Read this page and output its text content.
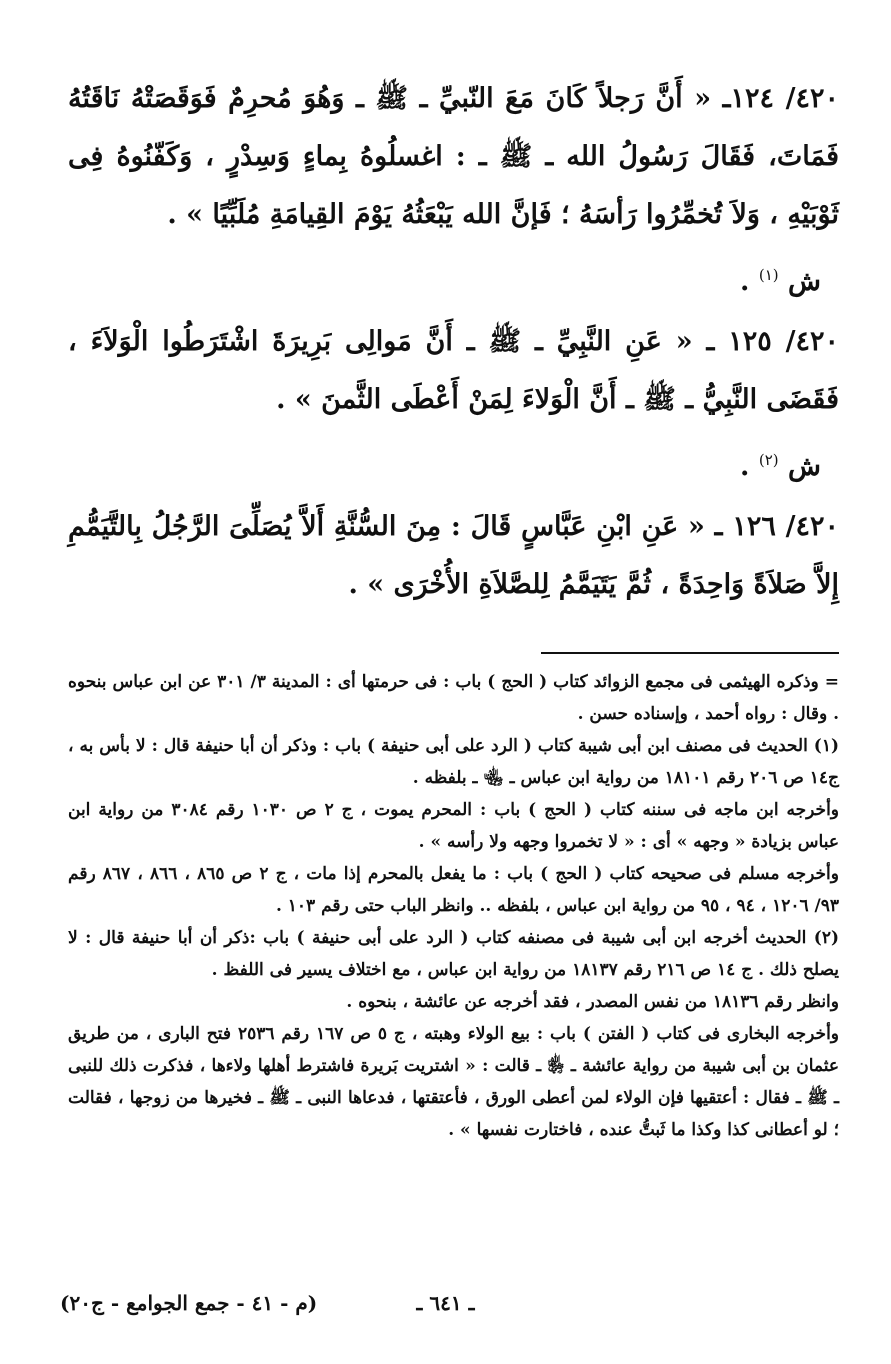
٤٢٠/ ١٢٤ـ « أَنَّ رَجلاً كَانَ مَعَ النّبيِّ ـ ﷺ ـ وَهُوَ مُحرِمٌ فَوَقَصَتْهُ نَاقَتُهُ فَمَاتَ، فَقَالَ رَسُولُ الله ـ ﷺ ـ : اغسلُوهُ بِماءٍ وَسِدْرٍ ، وَكَفّنُوهُ فِى ثَوْبَيْهِ ، وَلاَ تُخمِّرُوا رَأسَهُ ؛ فَإنَّ الله يَبْعَثُهُ يَوْمَ القِيامَةِ مُلَبِّيًا » .

ش $^{(١)}$ .

٤٢٠/ ١٢٥ ـ « عَنِ النَّبِيِّ ـ ﷺ ـ أَنَّ مَوالِى بَرِيرَةَ اشْتَرَطُوا الْوَلاَءَ ، فَقَضَى النَّبِيُّ ـ ﷺ ـ أَنَّ الْوَلاءَ لِمَنْ أَعْطَى الثَّمنَ » .

ش $^{(٢)}$ .

٤٢٠/ ١٢٦ ـ « عَنِ ابْنِ عَبَّاسٍ قَالَ : مِنَ السُّنَّةِ أَلاَّ يُصَلِّىَ الرَّجُلُ بِالتَّيَمُّمِ إِلاَّ صَلاَةً وَاحِدَةً ، ثُمَّ يَتَيَمَّمُ لِلصَّلاَةِ الأُخْرَى » .

= وذكره الهيثمى فى مجمع الزوائد كتاب ( الحج ) باب : فى حرمتها أى : المدينة ٣/ ٣٠١ عن ابن عباس بنحوه . وقال : رواه أحمد ، وإسناده حسن .

(١) الحديث فى مصنف ابن أبى شيبة كتاب ( الرد على أبى حنيفة ) باب : وذكر أن أبا حنيفة قال : لا بأس به ، ج١٤ ص ٢٠٦ رقم ١٨١٠١ من رواية ابن عباس ـ ﵄ ـ بلفظه .

وأخرجه ابن ماجه فى سننه كتاب ( الحج ) باب : المحرم يموت ، ج ٢ ص ١٠٣٠ رقم ٣٠٨٤ من رواية ابن عباس بزيادة « وجهه » أى : « لا تخمروا وجهه ولا رأسه » .

وأخرجه مسلم فى صحيحه كتاب ( الحج ) باب : ما يفعل بالمحرم إذا مات ، ج ٢ ص ٨٦٥ ، ٨٦٦ ، ٨٦٧ رقم ٩٣/ ١٢٠٦ ، ٩٤ ، ٩٥ من رواية ابن عباس ، بلفظه .. وانظر الباب حتى رقم ١٠٣ .

(٢) الحديث أخرجه ابن أبى شيبة فى مصنفه كتاب ( الرد على أبى حنيفة ) باب :ذكر أن أبا حنيفة قال : لا يصلح ذلك . ج ١٤ ص ٢١٦ رقم ١٨١٣٧ من رواية ابن عباس ، مع اختلاف يسير فى اللفظ .

وانظر رقم ١٨١٣٦ من نفس المصدر ، فقد أخرجه عن عائشة ، بنحوه .

وأخرجه البخارى فى كتاب ( الفتن ) باب : بيع الولاء وهبته ، ج ٥ ص ١٦٧ رقم ٢٥٣٦ فتح البارى ، من طريق عثمان بن أبى شيبة من رواية عائشة ـ ﵂ ـ قالت : « اشتريت بَريرة فاشترط أهلها ولاءها ، فذكرت ذلك للنبى ـ ﷺ ـ فقال : أعتقيها فإن الولاء لمن أعطى الورق ، فأعتقتها ، فدعاها النبى ـ ﷺ ـ فخيرها من زوجها ، فقالت ؛ لو أعطانى كذا وكذا ما ثَبتُّ عنده ، فاختارت نفسها » .

ـ ٦٤١ ـ
(م - ٤١ - جمع الجوامع - ج٢٠)
